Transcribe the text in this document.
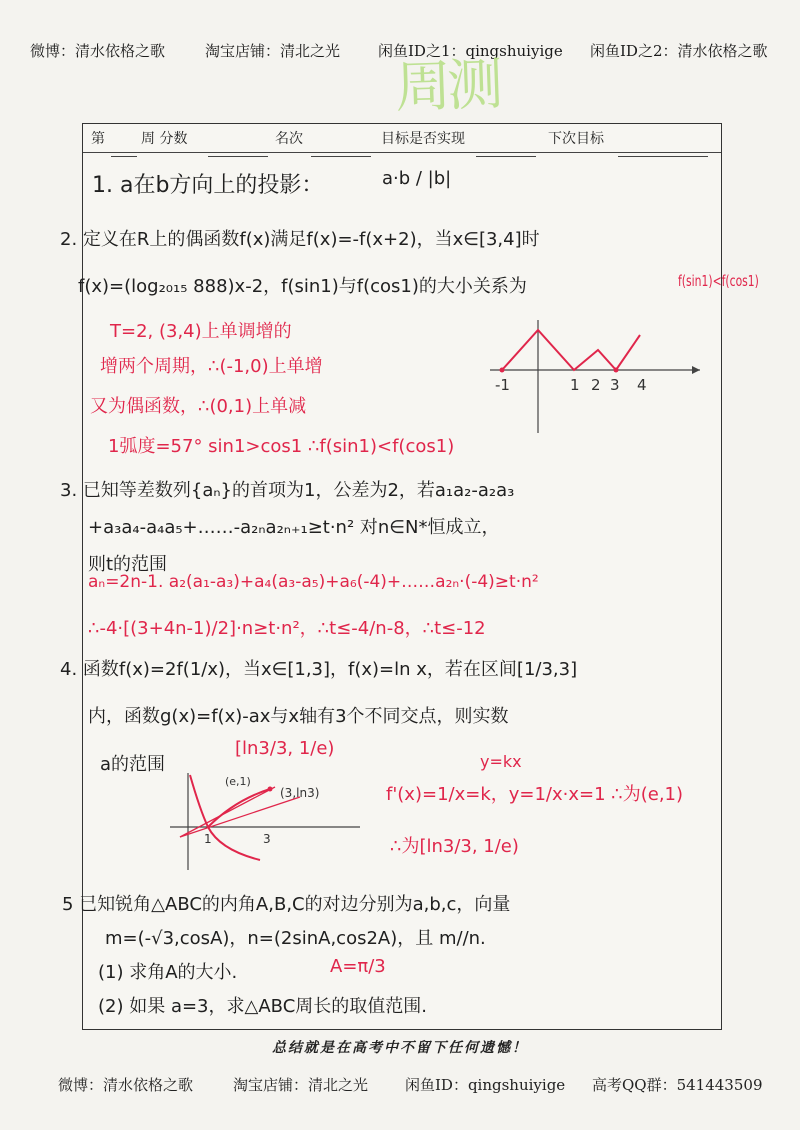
微博：清水依格之歌	淘宝店铺：清北之光	闲鱼ID之1：qingshuiyige 闲鱼ID之2：清水依格之歌
周测
第	周 分数	名次	目标是否实现	下次目标
1. a在b方向上的投影：	a·b / |b|
2. 定义在R上的偶函数f(x)满足f(x)=-f(x+2)，当x∈[3,4]时
f(x)=(log₂₀₁₅ 888)x-2，f(sin1)与f(cos1)的大小关系为	f(sin1)<f(cos1)
T=2, (3,4)上单调增的
增两个周期，∴(-1,0)上单增
又为偶函数，∴(0,1)上单减
1弧度=57° sin1>cos1 ∴f(sin1)<f(cos1)
-1	1 2 3 4
3. 已知等差数列{aₙ}的首项为1，公差为2，若a₁a₂-a₂a₃
+a₃a₄-a₄a₅+……-a₂ₙa₂ₙ₊₁≥t·n² 对n∈N*恒成立，
则t的范围
aₙ=2n-1. a₂(a₁-a₃)+a₄(a₃-a₅)+a₆(-4)+……a₂ₙ·(-4)≥t·n²
∴-4·[(3+4n-1)/2]·n≥t·n²，∴t≤-4/n-8，∴t≤-12
4. 函数f(x)=2f(1/x)，当x∈[1,3]，f(x)=ln x，若在区间[1/3,3]
内，函数g(x)=f(x)-ax与x轴有3个不同交点，则实数
a的范围
[ln3/3, 1/e)
y=kx
f'(x)=1/x=k，y=1/x·x=1 ∴为(e,1)
∴为[ln3/3, 1/e)
(e,1)
(3,ln3)
1	3
5 已知锐角△ABC的内角A,B,C的对边分别为a,b,c，向量
m=(-√3,cosA)，n=(2sinA,cos2A)，且 m//n.
(1) 求角A的大小.	A=π/3
(2) 如果 a=3，求△ABC周长的取值范围.
总结就是在高考中不留下任何遗憾！
微博：清水依格之歌	淘宝店铺：清北之光 闲鱼ID：qingshuiyige 高考QQ群：541443509
